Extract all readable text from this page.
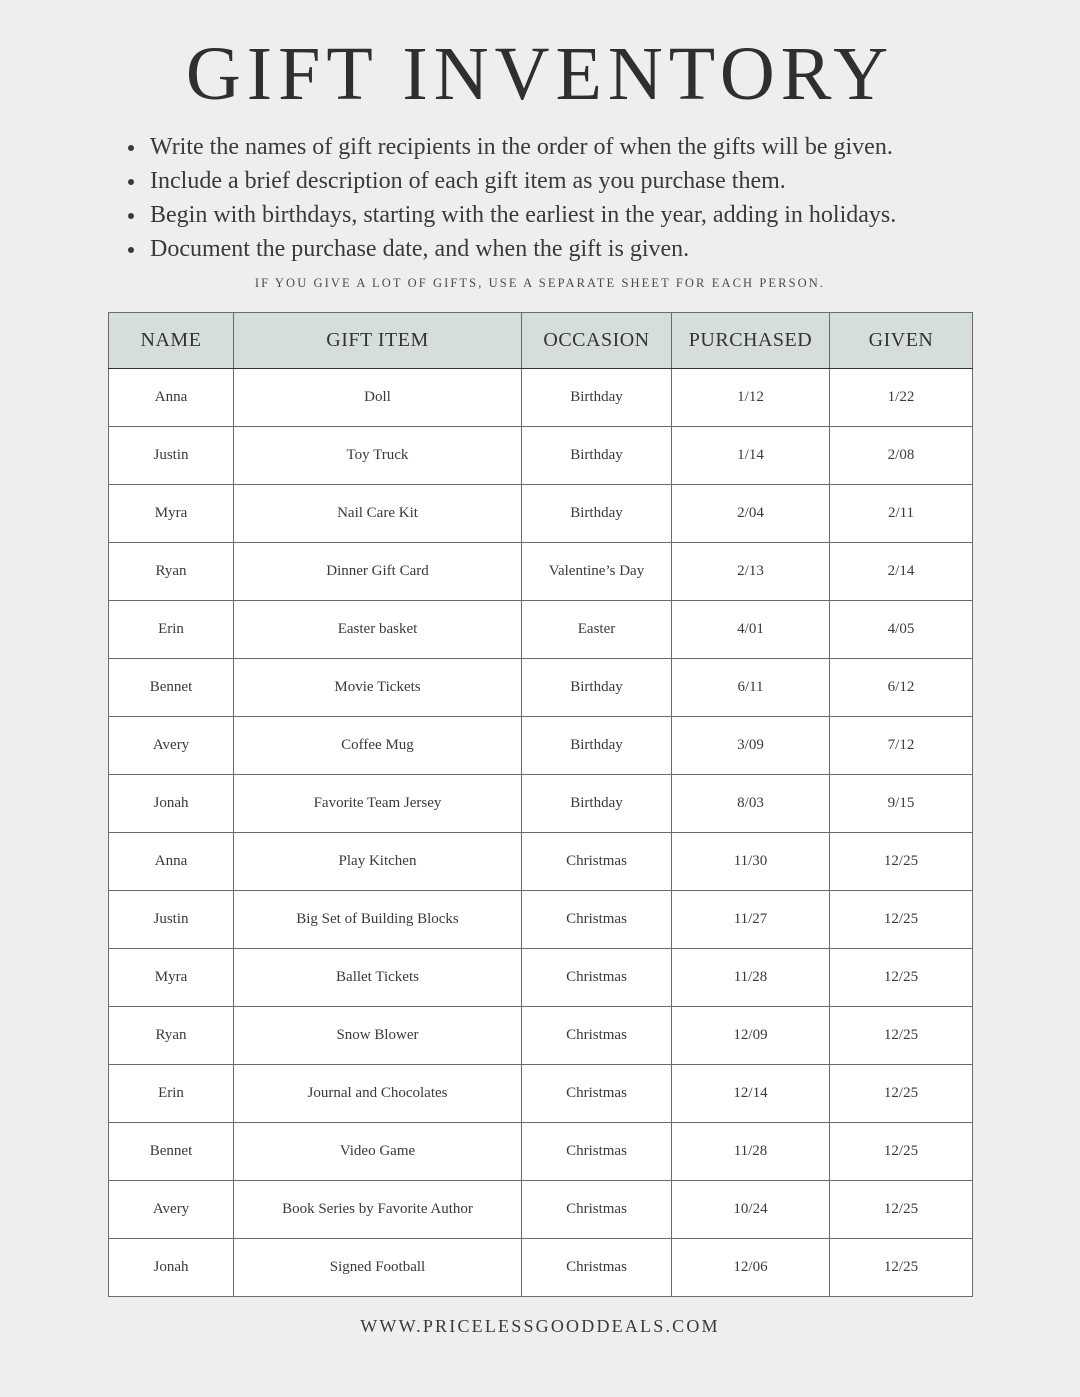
GIFT INVENTORY
Write the names of gift recipients in the order of when the gifts will be given.
Include a brief description of each gift item as you purchase them.
Begin with birthdays, starting with the earliest in the year, adding in holidays.
Document the purchase date, and when the gift is given.
IF YOU GIVE A LOT OF GIFTS, USE A SEPARATE SHEET FOR EACH PERSON.
NAME	GIFT ITEM	OCCASION	PURCHASED	GIVEN
Anna	Doll	Birthday	1/12	1/22
Justin	Toy Truck	Birthday	1/14	2/08
Myra	Nail Care Kit	Birthday	2/04	2/11
Ryan	Dinner Gift Card	Valentine’s Day	2/13	2/14
Erin	Easter basket	Easter	4/01	4/05
Bennet	Movie Tickets	Birthday	6/11	6/12
Avery	Coffee Mug	Birthday	3/09	7/12
Jonah	Favorite Team Jersey	Birthday	8/03	9/15
Anna	Play Kitchen	Christmas	11/30	12/25
Justin	Big Set of Building Blocks	Christmas	11/27	12/25
Myra	Ballet Tickets	Christmas	11/28	12/25
Ryan	Snow Blower	Christmas	12/09	12/25
Erin	Journal and Chocolates	Christmas	12/14	12/25
Bennet	Video Game	Christmas	11/28	12/25
Avery	Book Series by Favorite Author	Christmas	10/24	12/25
Jonah	Signed Football	Christmas	12/06	12/25
WWW.PRICELESSGOODDEALS.COM
